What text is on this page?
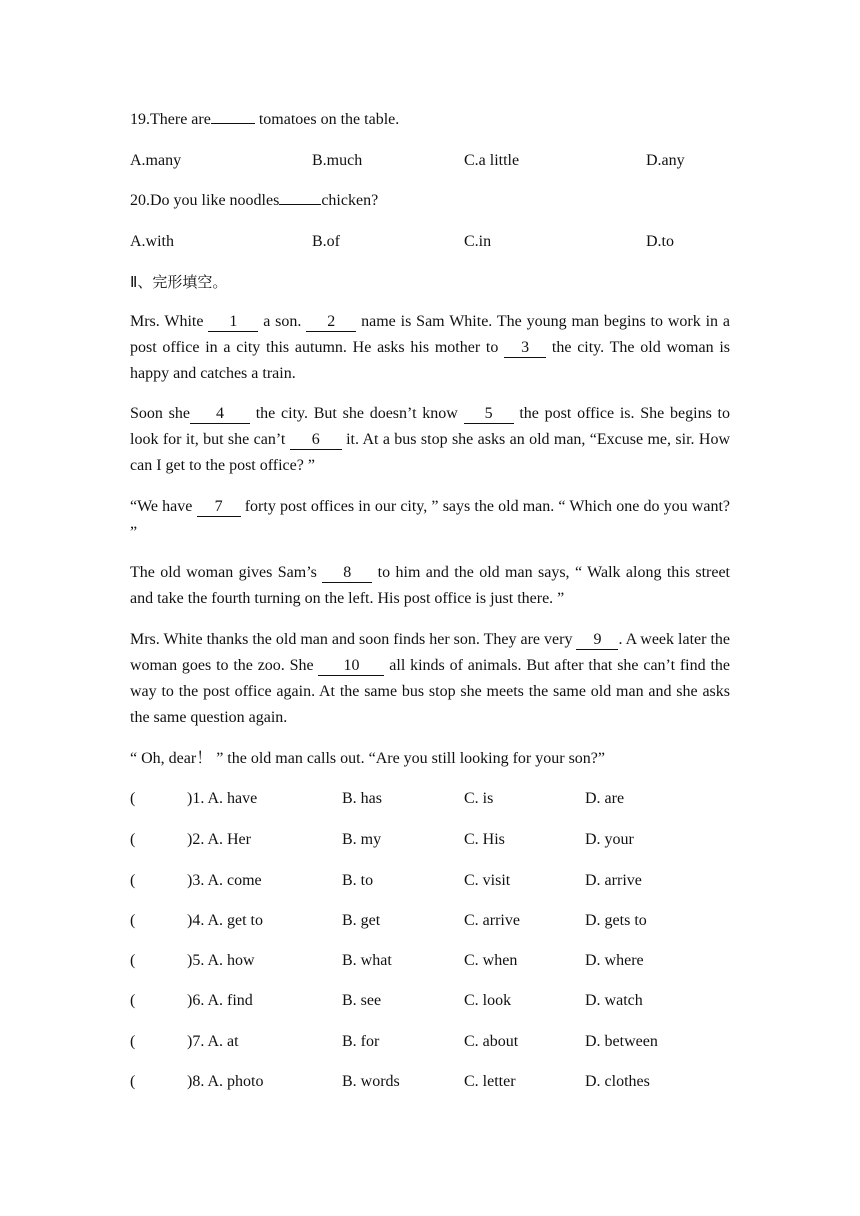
19.There are	tomatoes on the table.
A.many	B.much	C.a little	D.any
20.Do you like noodles	chicken?
A.with	B.of	C.in	D.to
Ⅱ、完形填空。
Mrs. White 1 a son. 2 name is Sam White. The young man begins to work in a post office in a city this autumn. He asks his mother to 3 the city. The old woman is happy and catches a train.
Soon she 4 the city. But she doesn’t know 5 the post office is. She begins to look for it, but she can’t 6 it. At a bus stop she asks an old man, “Excuse me, sir. How can I get to the post office? ”
“We have 7 forty post offices in our city, ” says the old man. “ Which one do you want? ”
The old woman gives Sam’s 8 to him and the old man says, “ Walk along this street and take the fourth turning on the left. His post office is just there. ”
Mrs. White thanks the old man and soon finds her son. They are very 9 . A week later the woman goes to the zoo. She 10 all kinds of animals. But after that she can’t find the way to the post office again. At the same bus stop she meets the same old man and she asks the same question again.
“ Oh, dear！ ” the old man calls out. “Are you still looking for your son?”
(	)1. A. have	B. has	C. is	D. are
(	)2. A. Her	B. my	C. His	D. your
(	)3. A. come	B. to	C. visit	D. arrive
(	)4. A. get to	B. get	C. arrive	D. gets to
(	)5. A. how	B. what	C. when	D. where
(	)6. A. find	B. see	C. look	D. watch
(	)7. A. at	B. for	C. about	D. between
(	)8. A. photo	B. words	C. letter	D. clothes
